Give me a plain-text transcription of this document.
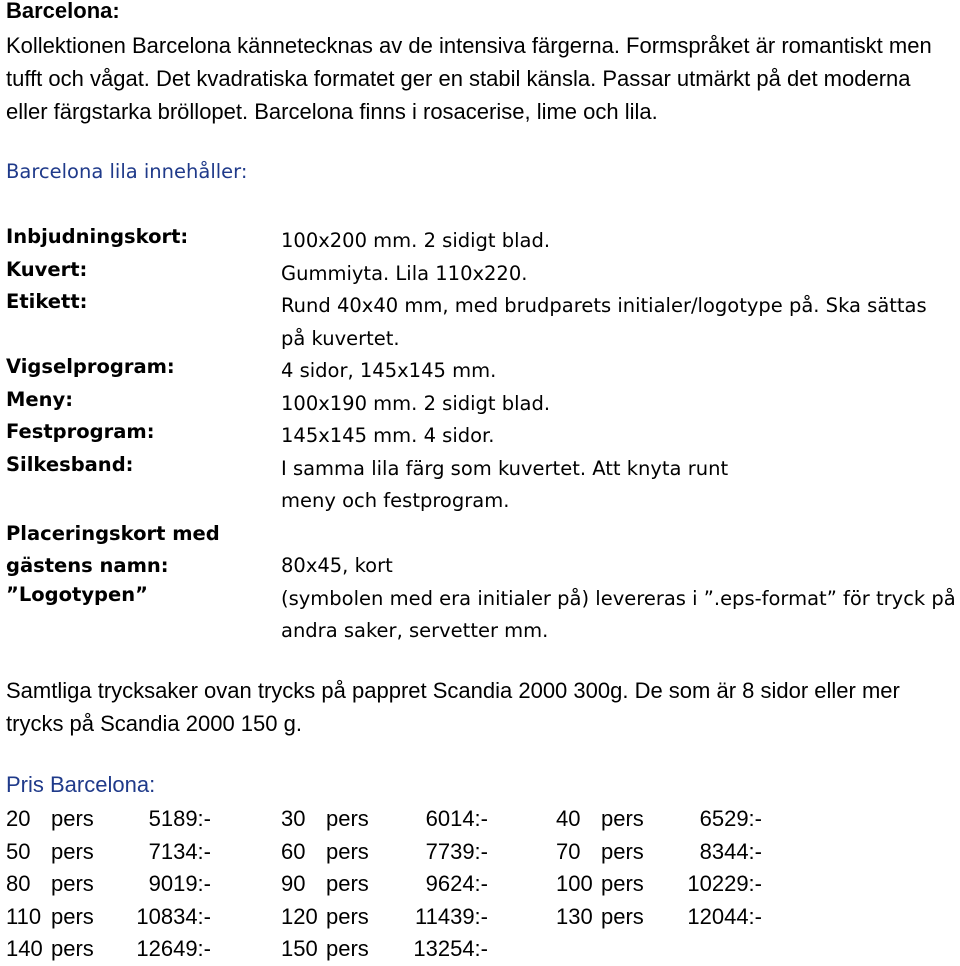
Barcelona:

Kollektionen Barcelona kännetecknas av de intensiva färgerna. Formspråket är romantiskt men tufft och vågat. Det kvadratiska formatet ger en stabil känsla. Passar utmärkt på det moderna eller färgstarka bröllopet. Barcelona finns i rosacerise, lime och lila.

Barcelona lila innehåller:
Inbjudningskort:	100x200 mm. 2 sidigt blad.
Kuvert:	Gummiyta. Lila 110x220.
Etikett:	Rund 40x40 mm, med brudparets initialer/logotype på. Ska sättas på kuvertet.
Vigselprogram:	4 sidor, 145x145 mm.
Meny:	100x190 mm. 2 sidigt blad.
Festprogram:	145x145 mm. 4 sidor.
Silkesband:	I samma lila färg som kuvertet. Att knyta runt meny och festprogram.
Placeringskort med gästens namn:	80x45, kort
”Logotypen”	(symbolen med era initialer på) levereras i ”.eps-format” för tryck på andra saker, servetter mm.

Samtliga trycksaker ovan trycks på pappret Scandia 2000 300g. De som är 8 sidor eller mer trycks på Scandia 2000 150 g.

Pris Barcelona:
20 pers	5189:-	30 pers	6014:-	40 pers	6529:-
50 pers	7134:-	60 pers	7739:-	70 pers	8344:-
80 pers	9019:-	90 pers	9624:-	100 pers	10229:-
110 pers	10834:-	120 pers	11439:-	130 pers	12044:-
140 pers	12649:-	150 pers	13254:-
